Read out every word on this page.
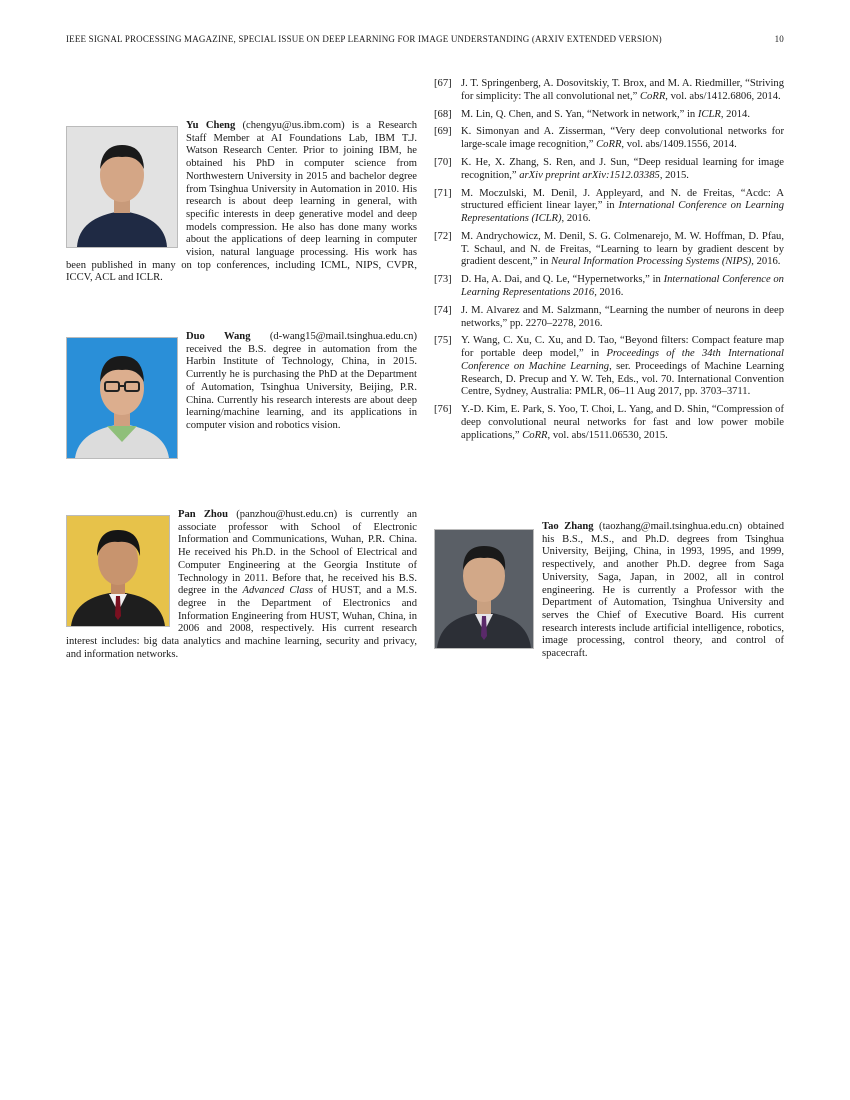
IEEE SIGNAL PROCESSING MAGAZINE, SPECIAL ISSUE ON DEEP LEARNING FOR IMAGE UNDERSTANDING (ARXIV EXTENDED VERSION)	10
Yu Cheng (chengyu@us.ibm.com) is a Research Staff Member at AI Foundations Lab, IBM T.J. Watson Research Center. Prior to joining IBM, he obtained his PhD in computer science from Northwestern University in 2015 and bachelor degree from Tsinghua University in Automation in 2010. His research is about deep learning in general, with specific interests in deep generative model and deep models compression. He also has done many works about the applications of deep learning in computer vision, natural language processing. His work has been published in many on top conferences, including ICML, NIPS, CVPR, ICCV, ACL and ICLR.
Duo Wang (d-wang15@mail.tsinghua.edu.cn) received the B.S. degree in automation from the Harbin Institute of Technology, China, in 2015. Currently he is purchasing the PhD at the Department of Automation, Tsinghua University, Beijing, P.R. China. Currently his research interests are about deep learning/machine learning, and its applications in computer vision and robotics vision.
Pan Zhou (panzhou@hust.edu.cn) is currently an associate professor with School of Electronic Information and Communications, Wuhan, P.R. China. He received his Ph.D. in the School of Electrical and Computer Engineering at the Georgia Institute of Technology in 2011. Before that, he received his B.S. degree in the Advanced Class of HUST, and a M.S. degree in the Department of Electronics and Information Engineering from HUST, Wuhan, China, in 2006 and 2008, respectively. His current research interest includes: big data analytics and machine learning, security and privacy, and information networks.
Tao Zhang (taozhang@mail.tsinghua.edu.cn) obtained his B.S., M.S., and Ph.D. degrees from Tsinghua University, Beijing, China, in 1993, 1995, and 1999, respectively, and another Ph.D. degree from Saga University, Saga, Japan, in 2002, all in control engineering. He is currently a Professor with the Department of Automation, Tsinghua University and serves the Chief of Executive Board. His current research interests include artificial intelligence, robotics, image processing, control theory, and control of spacecraft.
[67] J. T. Springenberg, A. Dosovitskiy, T. Brox, and M. A. Riedmiller, “Striving for simplicity: The all convolutional net,” CoRR, vol. abs/1412.6806, 2014.
[68] M. Lin, Q. Chen, and S. Yan, “Network in network,” in ICLR, 2014.
[69] K. Simonyan and A. Zisserman, “Very deep convolutional networks for large-scale image recognition,” CoRR, vol. abs/1409.1556, 2014.
[70] K. He, X. Zhang, S. Ren, and J. Sun, “Deep residual learning for image recognition,” arXiv preprint arXiv:1512.03385, 2015.
[71] M. Moczulski, M. Denil, J. Appleyard, and N. de Freitas, “Acdc: A structured efficient linear layer,” in International Conference on Learning Representations (ICLR), 2016.
[72] M. Andrychowicz, M. Denil, S. G. Colmenarejo, M. W. Hoffman, D. Pfau, T. Schaul, and N. de Freitas, “Learning to learn by gradient descent by gradient descent,” in Neural Information Processing Systems (NIPS), 2016.
[73] D. Ha, A. Dai, and Q. Le, “Hypernetworks,” in International Conference on Learning Representations 2016, 2016.
[74] J. M. Alvarez and M. Salzmann, “Learning the number of neurons in deep networks,” pp. 2270–2278, 2016.
[75] Y. Wang, C. Xu, C. Xu, and D. Tao, “Beyond filters: Compact feature map for portable deep model,” in Proceedings of the 34th International Conference on Machine Learning, ser. Proceedings of Machine Learning Research, D. Precup and Y. W. Teh, Eds., vol. 70. International Convention Centre, Sydney, Australia: PMLR, 06–11 Aug 2017, pp. 3703–3711.
[76] Y.-D. Kim, E. Park, S. Yoo, T. Choi, L. Yang, and D. Shin, “Compression of deep convolutional neural networks for fast and low power mobile applications,” CoRR, vol. abs/1511.06530, 2015.
